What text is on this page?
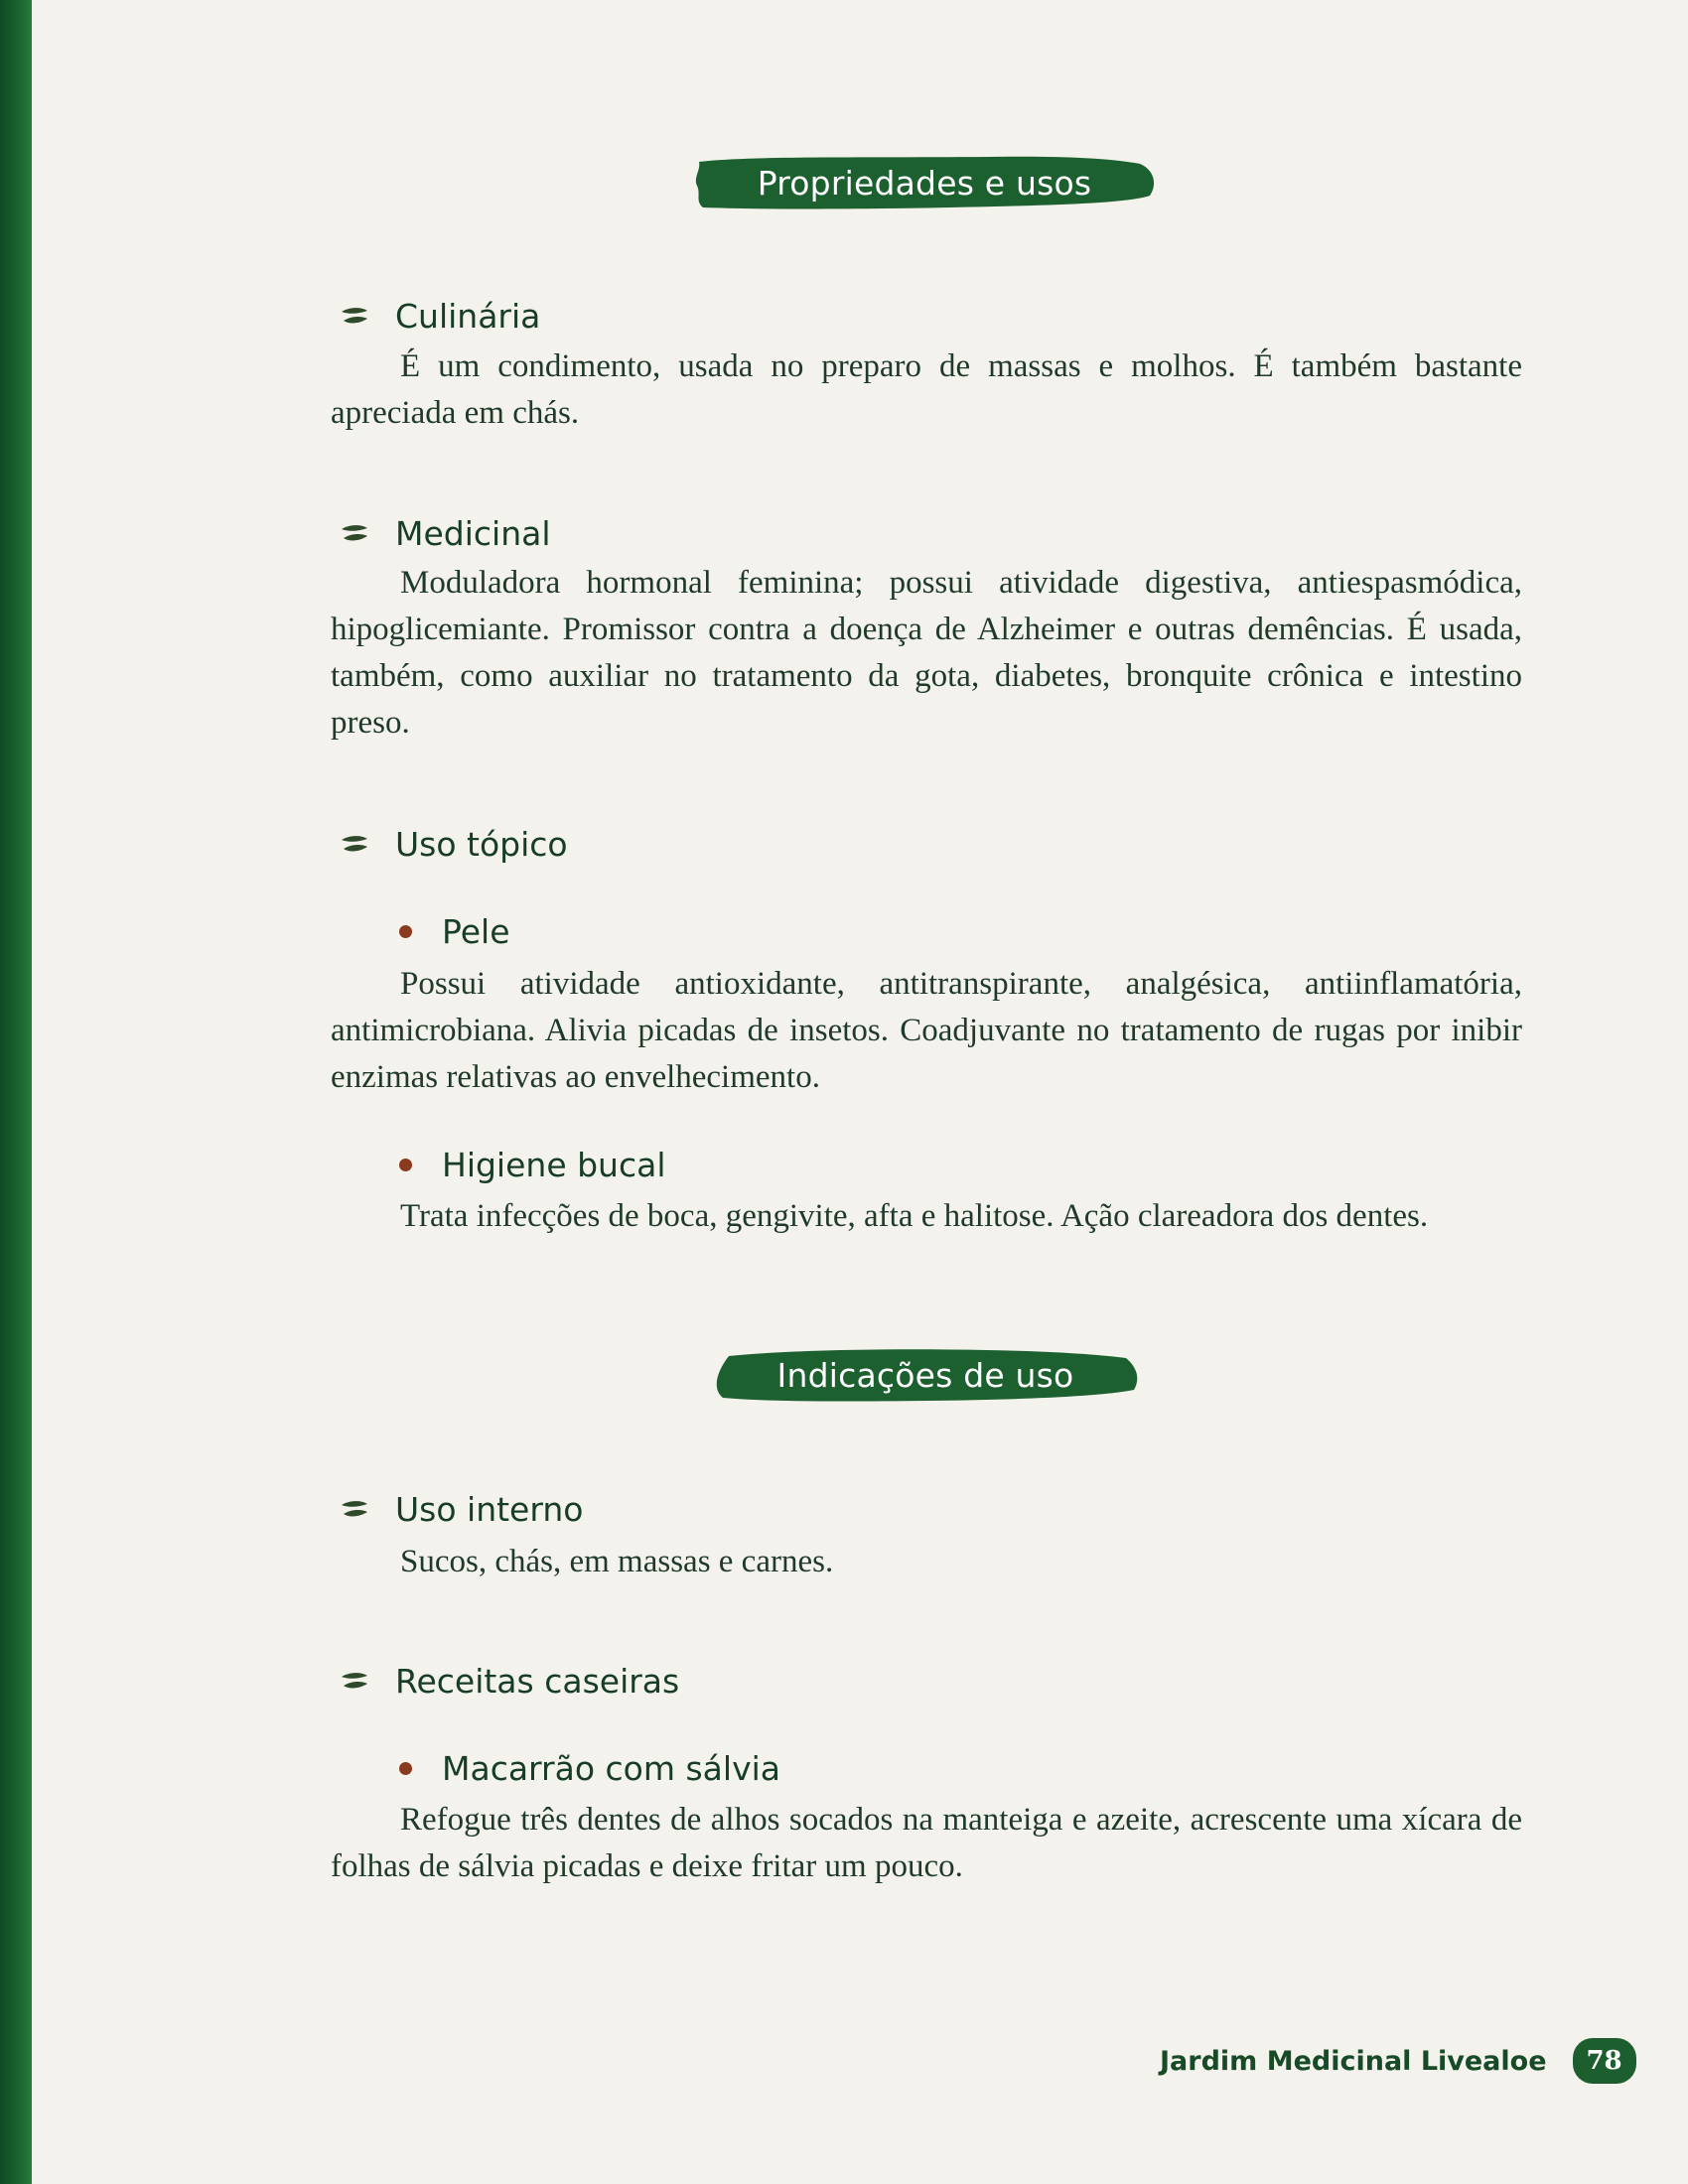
Propriedades e usos
Culinária

É um condimento, usada no preparo de massas e molhos. É também bastante apreciada em chás.

Medicinal

Moduladora hormonal feminina; possui atividade digestiva, antiespasmódica, hipoglicemiante. Promissor contra a doença de Alzheimer e outras demências. É usada, também, como auxiliar no tratamento da gota, diabetes, bronquite crônica e intestino preso.

Uso tópico
Pele

Possui atividade antioxidante, antitranspirante, analgésica, antiinflamatória, antimicrobiana. Alivia picadas de insetos. Coadjuvante no tratamento de rugas por inibir enzimas relativas ao envelhecimento.

Higiene bucal

Trata infecções de boca, gengivite, afta e halitose. Ação clareadora dos dentes.

Indicações de uso
Uso interno

Sucos, chás, em massas e carnes.

Receitas caseiras
Macarrão com sálvia

Refogue três dentes de alhos socados na manteiga e azeite, acrescente uma xícara de folhas de sálvia picadas e deixe fritar um pouco.

Jardim Medicinal Livealoe	78
